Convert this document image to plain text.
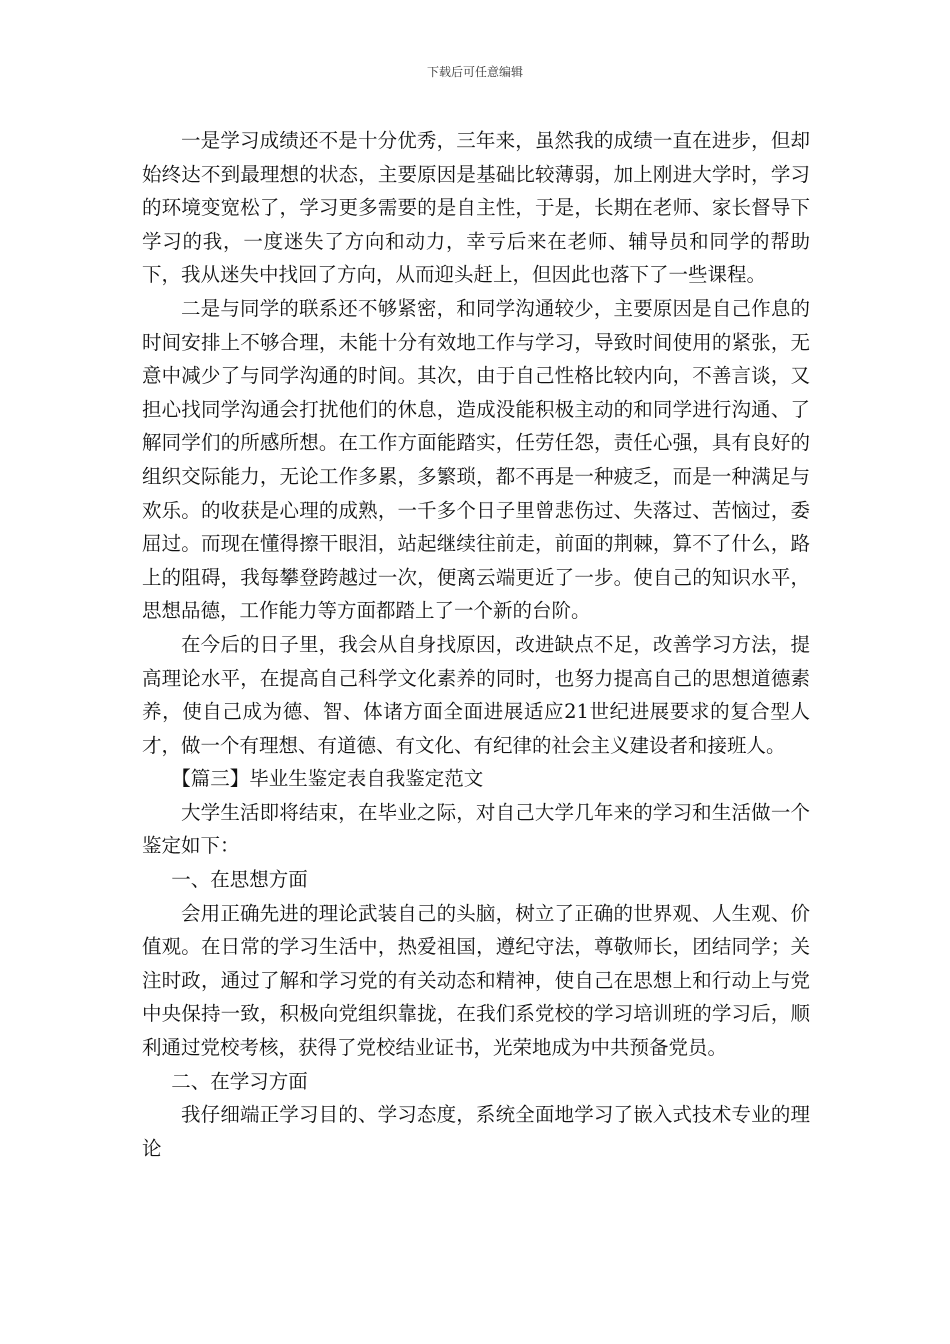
下载后可任意编辑

一是学习成绩还不是十分优秀，三年来，虽然我的成绩一直在进步，但却始终达不到最理想的状态，主要原因是基础比较薄弱，加上刚进大学时，学习的环境变宽松了，学习更多需要的是自主性，于是，长期在老师、家长督导下学习的我，一度迷失了方向和动力，幸亏后来在老师、辅导员和同学的帮助下，我从迷失中找回了方向，从而迎头赶上，但因此也落下了一些课程。

二是与同学的联系还不够紧密，和同学沟通较少，主要原因是自己作息的时间安排上不够合理，未能十分有效地工作与学习，导致时间使用的紧张，无意中减少了与同学沟通的时间。其次，由于自己性格比较内向，不善言谈，又担心找同学沟通会打扰他们的休息，造成没能积极主动的和同学进行沟通、了解同学们的所感所想。在工作方面能踏实，任劳任怨，责任心强，具有良好的组织交际能力，无论工作多累，多繁琐，都不再是一种疲乏，而是一种满足与欢乐。的收获是心理的成熟，一千多个日子里曾悲伤过、失落过、苦恼过，委屈过。而现在懂得擦干眼泪，站起继续往前走，前面的荆棘，算不了什么，路上的阻碍，我每攀登跨越过一次，便离云端更近了一步。使自己的知识水平，思想品德，工作能力等方面都踏上了一个新的台阶。

在今后的日子里，我会从自身找原因，改进缺点不足，改善学习方法，提高理论水平，在提高自己科学文化素养的同时，也努力提高自己的思想道德素养，使自己成为德、智、体诸方面全面进展适应21世纪进展要求的复合型人才，做一个有理想、有道德、有文化、有纪律的社会主义建设者和接班人。

【篇三】毕业生鉴定表自我鉴定范文

大学生活即将结束，在毕业之际，对自己大学几年来的学习和生活做一个鉴定如下：

一、在思想方面

会用正确先进的理论武装自己的头脑，树立了正确的世界观、人生观、价值观。在日常的学习生活中，热爱祖国，遵纪守法，尊敬师长，团结同学；关注时政，通过了解和学习党的有关动态和精神，使自己在思想上和行动上与党中央保持一致，积极向党组织靠拢，在我们系党校的学习培训班的学习后，顺利通过党校考核，获得了党校结业证书，光荣地成为中共预备党员。

二、在学习方面

我仔细端正学习目的、学习态度，系统全面地学习了嵌入式技术专业的理论
